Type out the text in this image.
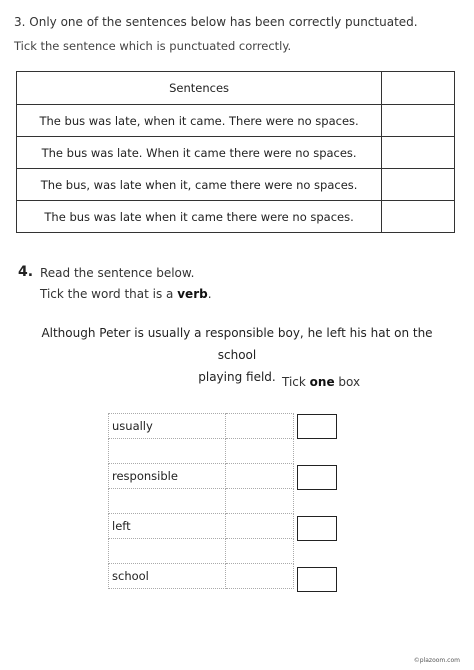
3. Only one of the sentences below has been correctly punctuated.
Tick the sentence which is punctuated correctly.
Sentences	
The bus was late, when it came. There were no spaces.	
The bus was late. When it came there were no spaces.	
The bus, was late when it, came there were no spaces.	
The bus was late when it came there were no spaces.	
4. Read the sentence below.
Tick the word that is a verb.
Although Peter is usually a responsible boy, he left his hat on the school
playing field. Tick one box
usually	

responsible	

left	

school	
©plazoom.com
